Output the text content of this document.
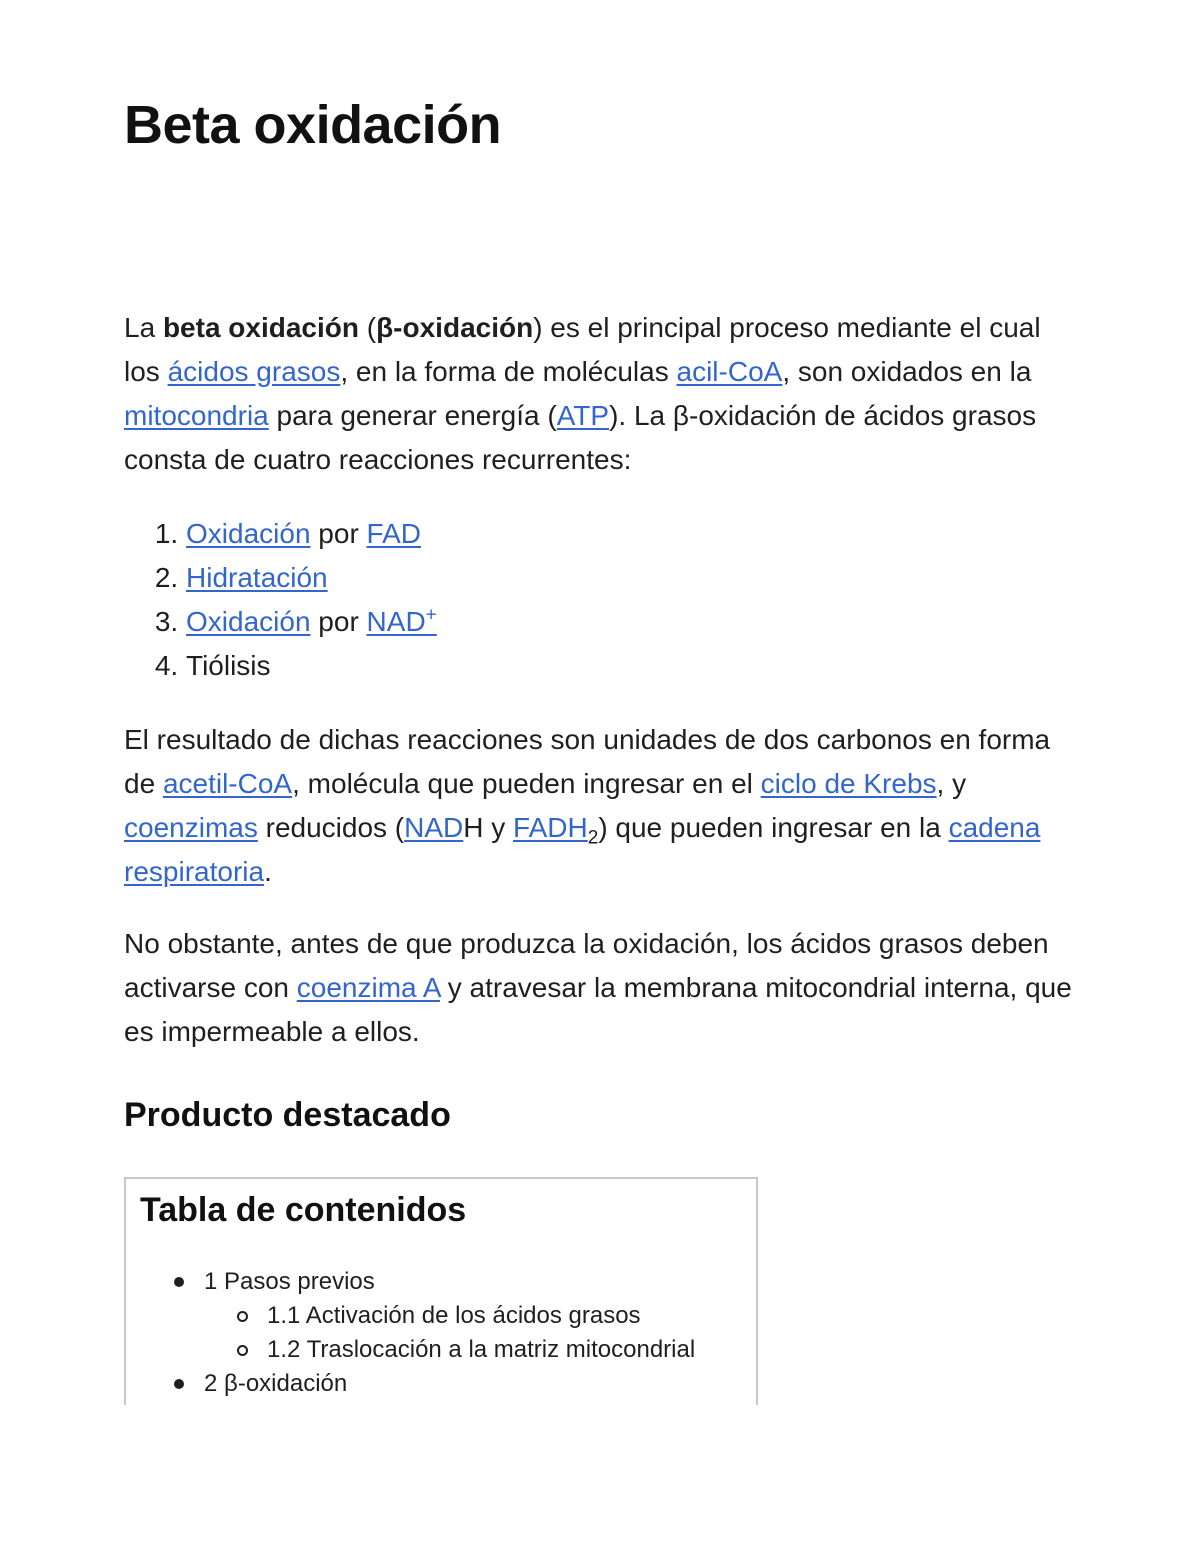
Beta oxidación

La beta oxidación (β-oxidación) es el principal proceso mediante el cual los ácidos grasos, en la forma de moléculas acil-CoA, son oxidados en la mitocondria para generar energía (ATP). La β-oxidación de ácidos grasos consta de cuatro reacciones recurrentes:

1. Oxidación por FAD
2. Hidratación
3. Oxidación por NAD+
4. Tiólisis

El resultado de dichas reacciones son unidades de dos carbonos en forma de acetil-CoA, molécula que pueden ingresar en el ciclo de Krebs, y coenzimas reducidos (NADH y $FADH_2$) que pueden ingresar en la cadena respiratoria.

No obstante, antes de que produzca la oxidación, los ácidos grasos deben activarse con coenzima A y atravesar la membrana mitocondrial interna, que es impermeable a ellos.

Producto destacado
Tabla de contenidos
1 Pasos previos
1.1 Activación de los ácidos grasos
1.2 Traslocación a la matriz mitocondrial
2 β-oxidación
